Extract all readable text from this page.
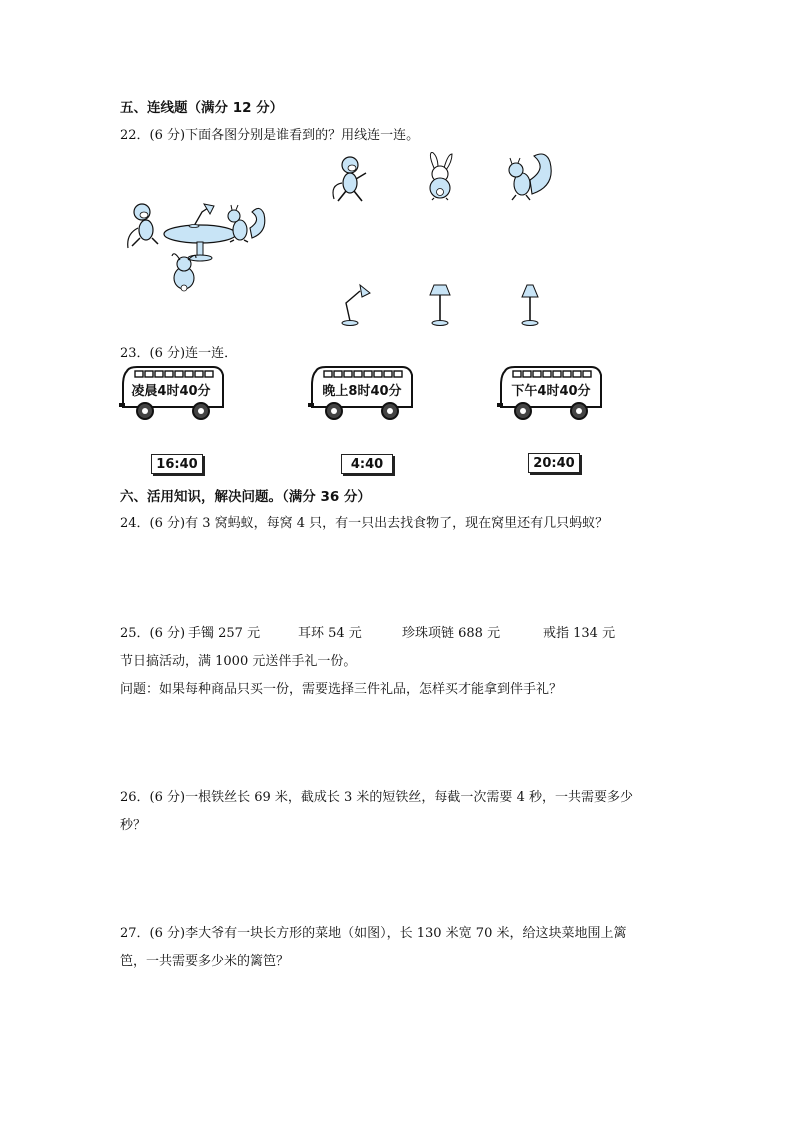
五、连线题（满分 12 分）
22．(6 分)下面各图分别是谁看到的？用线连一连。
23．(6 分)连一连．
凌晨4时40分	晚上8时40分	下午4时40分
16:40	4:40	20:40
六、活用知识，解决问题。（满分 36 分）
24．(6 分)有 3 窝蚂蚁，每窝 4 只，有一只出去找食物了，现在窝里还有几只蚂蚁？
25．(6 分) 手镯 257 元	耳环 54 元	珍珠项链 688 元	戒指 134 元
节日搞活动，满 1000 元送伴手礼一份。
问题：如果每种商品只买一份，需要选择三件礼品，怎样买才能拿到伴手礼？
26．(6 分)一根铁丝长 69 米，截成长 3 米的短铁丝，每截一次需要 4 秒，一共需要多少
秒？
27．(6 分)李大爷有一块长方形的菜地（如图），长 130 米宽 70 米，给这块菜地围上篱
笆，一共需要多少米的篱笆？
